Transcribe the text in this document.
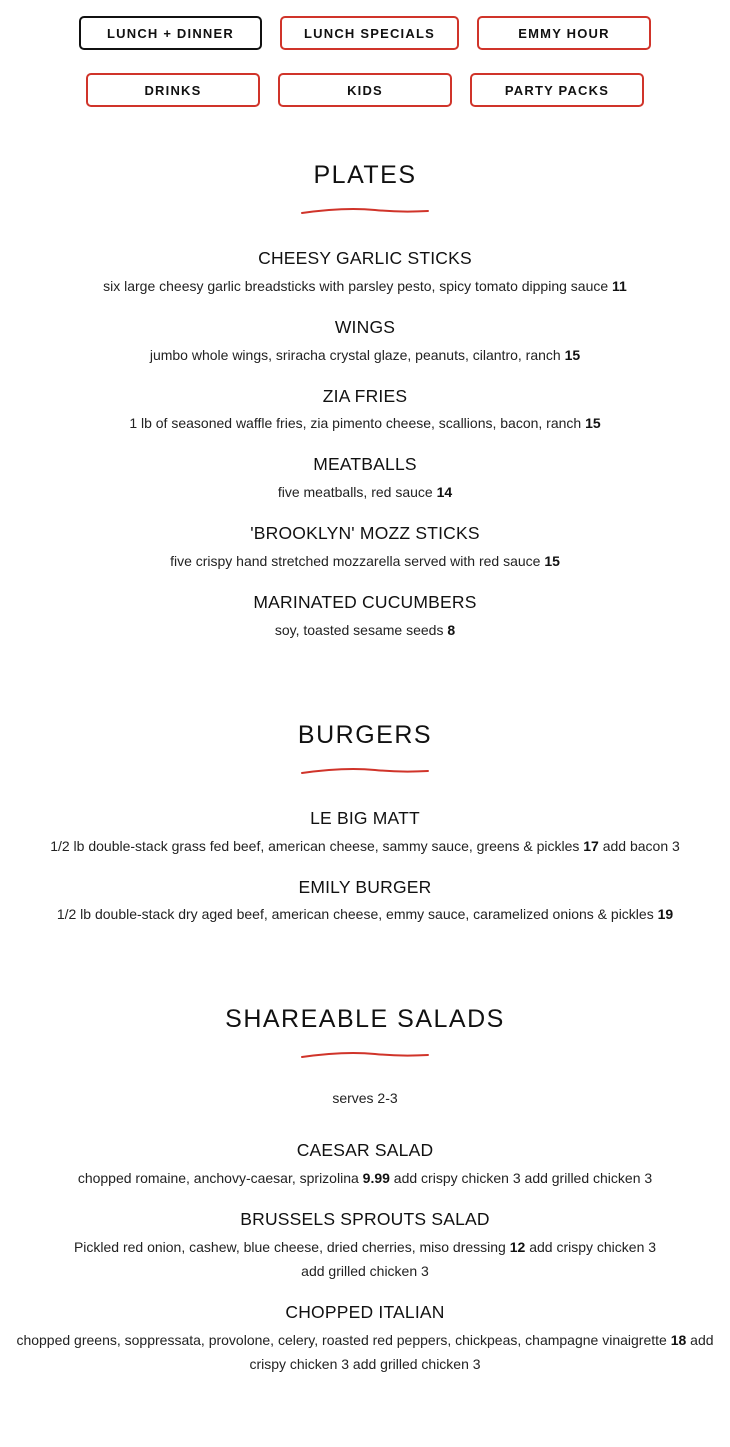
LUNCH + DINNER	LUNCH SPECIALS	EMMY HOUR
DRINKS	KIDS	PARTY PACKS
PLATES
CHEESY GARLIC STICKS
six large cheesy garlic breadsticks with parsley pesto, spicy tomato dipping sauce 11
WINGS
jumbo whole wings, sriracha crystal glaze, peanuts, cilantro, ranch 15
ZIA FRIES
1 lb of seasoned waffle fries, zia pimento cheese, scallions, bacon, ranch 15
MEATBALLS
five meatballs, red sauce 14
'BROOKLYN' MOZZ STICKS
five crispy hand stretched mozzarella served with red sauce 15
MARINATED CUCUMBERS
soy, toasted sesame seeds 8
BURGERS
LE BIG MATT
1/2 lb double-stack grass fed beef, american cheese, sammy sauce, greens & pickles 17 add bacon 3
EMILY BURGER
1/2 lb double-stack dry aged beef, american cheese, emmy sauce, caramelized onions & pickles 19
SHAREABLE SALADS
serves 2-3
CAESAR SALAD
chopped romaine, anchovy-caesar, sprizolina 9.99 add crispy chicken 3 add grilled chicken 3
BRUSSELS SPROUTS SALAD
Pickled red onion, cashew, blue cheese, dried cherries, miso dressing 12 add crispy chicken 3 add grilled chicken 3
CHOPPED ITALIAN
chopped greens, soppressata, provolone, celery, roasted red peppers, chickpeas, champagne vinaigrette 18 add crispy chicken 3 add grilled chicken 3
